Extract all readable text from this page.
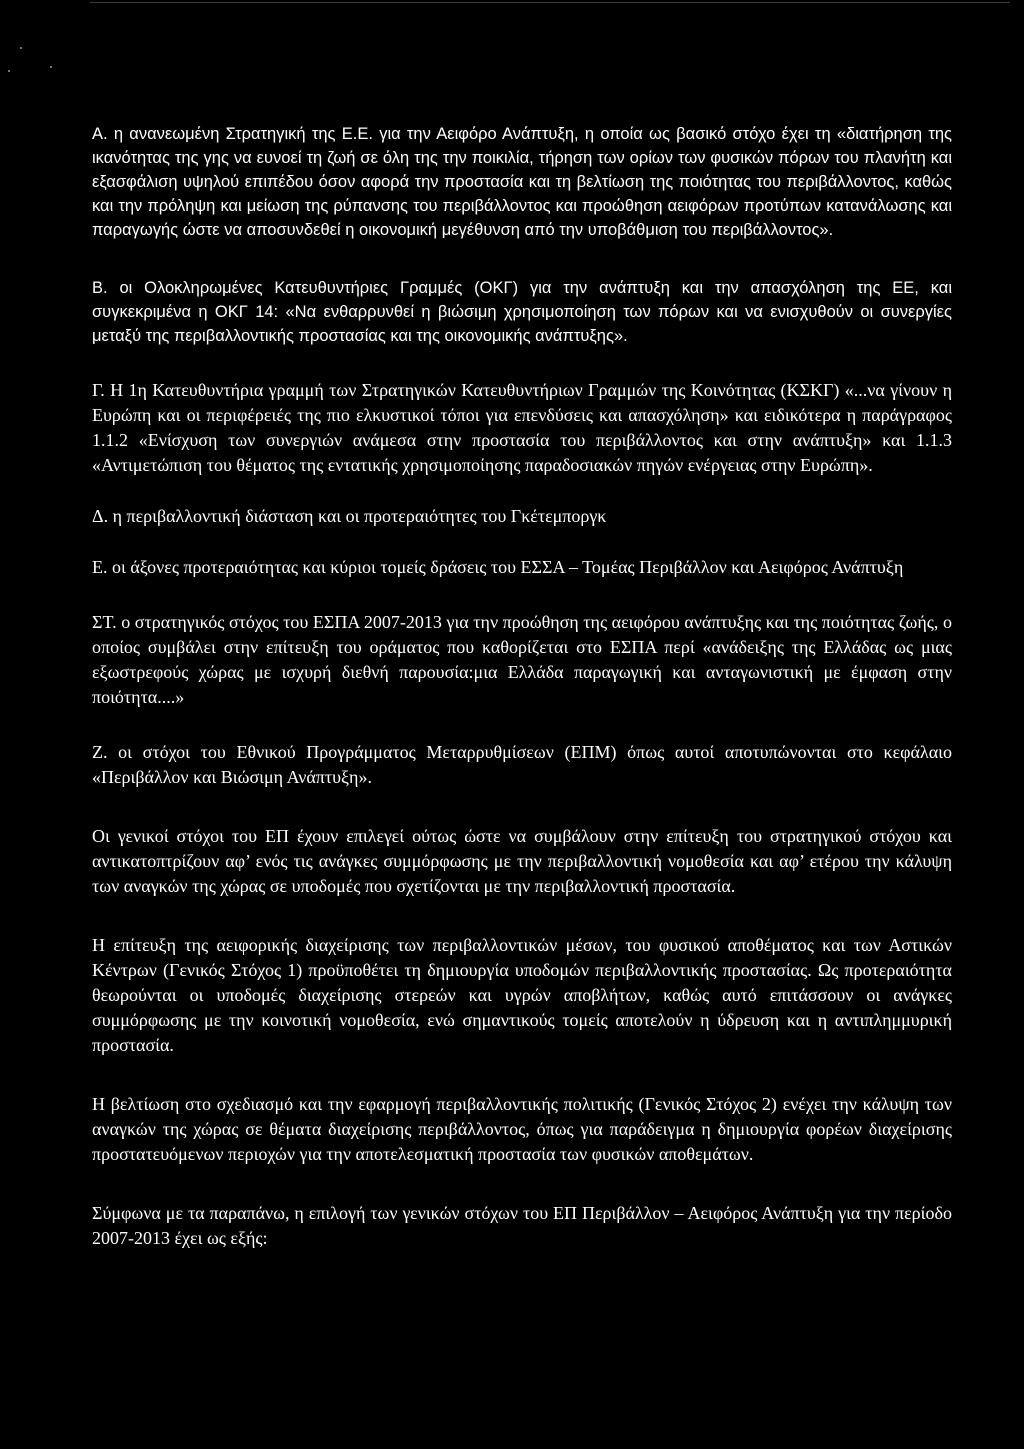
Α. η ανανεωμένη Στρατηγική της Ε.Ε. για την Αειφόρο Ανάπτυξη, η οποία ως βασικό στόχο έχει τη «διατήρηση της ικανότητας της γης να ευνοεί τη ζωή σε όλη της την ποικιλία, τήρηση των ορίων των φυσικών πόρων του πλανήτη και εξασφάλιση υψηλού επιπέδου όσον αφορά την προστασία και τη βελτίωση της ποιότητας του περιβάλλοντος, καθώς και την πρόληψη και μείωση της ρύπανσης του περιβάλλοντος και προώθηση αειφόρων προτύπων κατανάλωσης και παραγωγής ώστε να αποσυνδεθεί η οικονομική μεγέθυνση από την υποβάθμιση του περιβάλλοντος».

Β. οι Ολοκληρωμένες Κατευθυντήριες Γραμμές (ΟΚΓ) για την ανάπτυξη και την απασχόληση της ΕΕ, και συγκεκριμένα η ΟΚΓ 14: «Να ενθαρρυνθεί η βιώσιμη χρησιμοποίηση των πόρων και να ενισχυθούν οι συνεργίες μεταξύ της περιβαλλοντικής προστασίας και της οικονομικής ανάπτυξης».

Γ. Η 1η Κατευθυντήρια γραμμή των Στρατηγικών Κατευθυντήριων Γραμμών της Κοινότητας (ΚΣΚΓ) «...να γίνουν η Ευρώπη και οι περιφέρειές της πιο ελκυστικοί τόποι για επενδύσεις και απασχόληση» και ειδικότερα η παράγραφος 1.1.2 «Ενίσχυση των συνεργιών ανάμεσα στην προστασία του περιβάλλοντος και στην ανάπτυξη» και 1.1.3 «Αντιμετώπιση του θέματος της εντατικής χρησιμοποίησης παραδοσιακών πηγών ενέργειας στην Ευρώπη».

Δ. η περιβαλλοντική διάσταση και οι προτεραιότητες του Γκέτεμποργκ

Ε. οι άξονες προτεραιότητας και κύριοι τομείς δράσεις του ΕΣΣΑ – Τομέας Περιβάλλον και Αειφόρος Ανάπτυξη

ΣΤ. ο στρατηγικός στόχος του ΕΣΠΑ 2007-2013 για την προώθηση της αειφόρου ανάπτυξης και της ποιότητας ζωής, ο οποίος συμβάλει στην επίτευξη του οράματος που καθορίζεται στο ΕΣΠΑ περί «ανάδειξης της Ελλάδας ως μιας εξωστρεφούς χώρας με ισχυρή διεθνή παρουσία:μια Ελλάδα παραγωγική και ανταγωνιστική με έμφαση στην ποιότητα....»

Ζ. οι στόχοι του Εθνικού Προγράμματος Μεταρρυθμίσεων (ΕΠΜ) όπως αυτοί αποτυπώνονται στο κεφάλαιο «Περιβάλλον και Βιώσιμη Ανάπτυξη».

Οι γενικοί στόχοι του ΕΠ έχουν επιλεγεί ούτως ώστε να συμβάλουν στην επίτευξη του στρατηγικού στόχου και αντικατοπτρίζουν αφ’ ενός τις ανάγκες συμμόρφωσης με την περιβαλλοντική νομοθεσία και αφ’ ετέρου την κάλυψη των αναγκών της χώρας σε υποδομές που σχετίζονται με την περιβαλλοντική προστασία.

Η επίτευξη της αειφορικής διαχείρισης των περιβαλλοντικών μέσων, του φυσικού αποθέματος και των Αστικών Κέντρων (Γενικός Στόχος 1) προϋποθέτει τη δημιουργία υποδομών περιβαλλοντικής προστασίας. Ως προτεραιότητα θεωρούνται οι υποδομές διαχείρισης στερεών και υγρών αποβλήτων, καθώς αυτό επιτάσσουν οι ανάγκες συμμόρφωσης με την κοινοτική νομοθεσία, ενώ σημαντικούς τομείς αποτελούν η ύδρευση και η αντιπλημμυρική προστασία.

Η βελτίωση στο σχεδιασμό και την εφαρμογή περιβαλλοντικής πολιτικής (Γενικός Στόχος 2) ενέχει την κάλυψη των αναγκών της χώρας σε θέματα διαχείρισης περιβάλλοντος, όπως για παράδειγμα η δημιουργία φορέων διαχείρισης προστατευόμενων περιοχών για την αποτελεσματική προστασία των φυσικών αποθεμάτων.

Σύμφωνα με τα παραπάνω, η επιλογή των γενικών στόχων του ΕΠ Περιβάλλον – Αειφόρος Ανάπτυξη για την περίοδο 2007-2013 έχει ως εξής:
